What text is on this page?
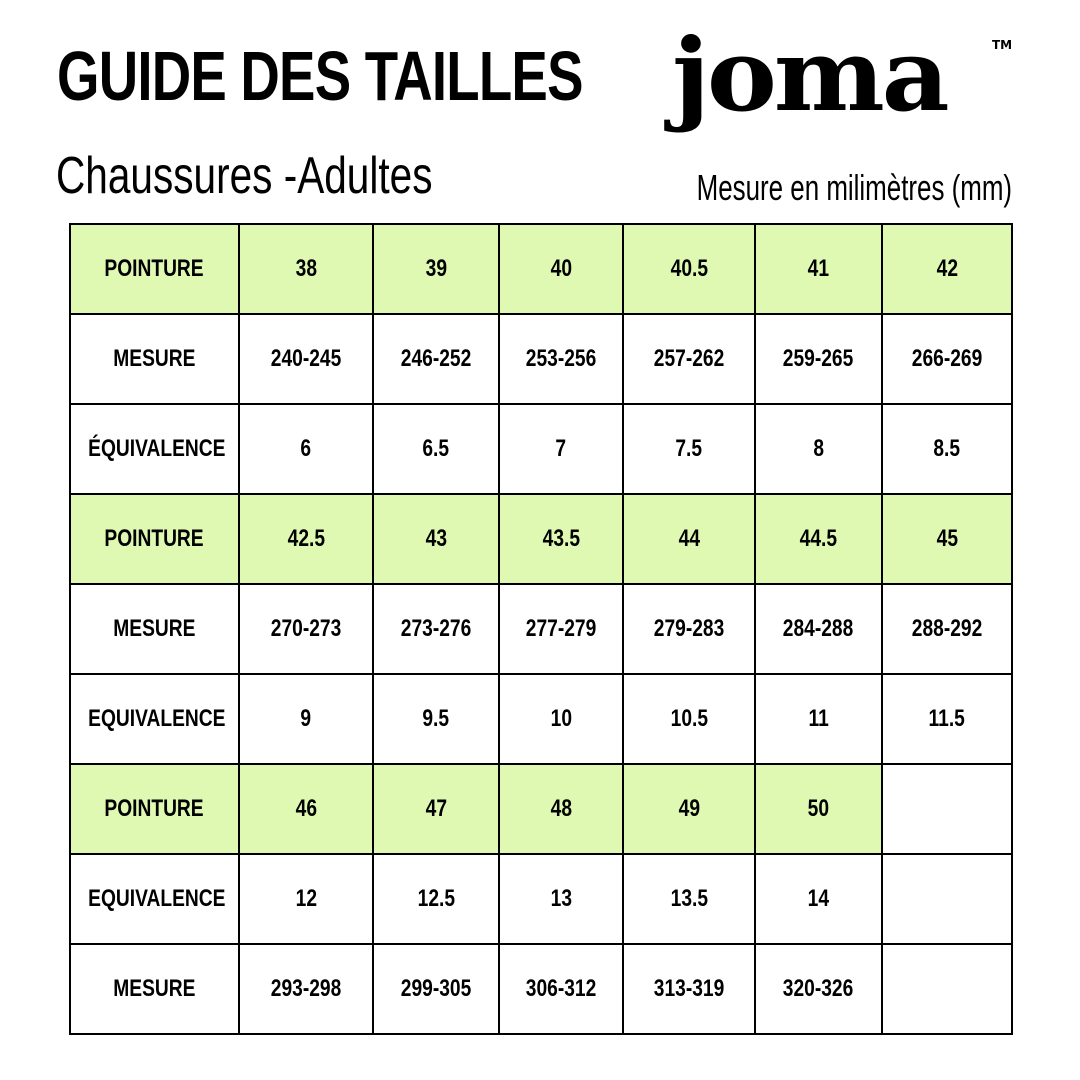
GUIDE DES TAILLES joma	TM
Chaussures -Adultes	Mesure en milimètres (mm)
POINTURE	38	39	40	40.5	41	42
MESURE	240-245	246-252	253-256	257-262	259-265	266-269
ÉQUIVALENCE	6	6.5	7	7.5	8	8.5
POINTURE	42.5	43	43.5	44	44.5	45
MESURE	270-273	273-276	277-279	279-283	284-288	288-292
EQUIVALENCE	9	9.5	10	10.5	11	11.5
POINTURE	46	47	48	49	50	
EQUIVALENCE	12	12.5	13	13.5	14	
MESURE	293-298	299-305	306-312	313-319	320-326	
